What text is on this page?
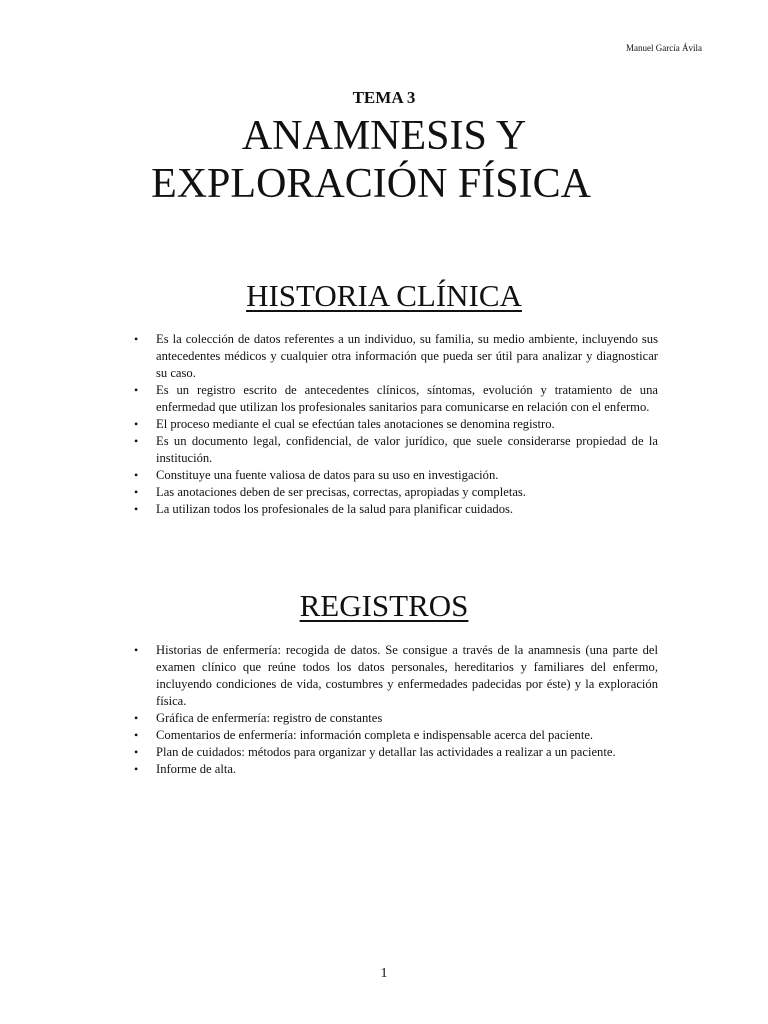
Manuel García Ávila
TEMA 3
ANAMNESIS Y
EXPLORACIÓN FÍSICA
HISTORIA CLÍNICA
• Es la colección de datos referentes a un individuo, su familia, su medio ambiente, incluyendo sus antecedentes médicos y cualquier otra información que pueda ser útil para analizar y diagnosticar su caso.
• Es un registro escrito de antecedentes clínicos, síntomas, evolución y tratamiento de una enfermedad que utilizan los profesionales sanitarios para comunicarse en relación con el enfermo.
• El proceso mediante el cual se efectúan tales anotaciones se denomina registro.
• Es un documento legal, confidencial, de valor jurídico, que suele considerarse propiedad de la institución.
• Constituye una fuente valiosa de datos para su uso en investigación.
• Las anotaciones deben de ser precisas, correctas, apropiadas y completas.
• La utilizan todos los profesionales de la salud para planificar cuidados.
REGISTROS
• Historias de enfermería: recogida de datos. Se consigue a través de la anamnesis (una parte del examen clínico que reúne todos los datos personales, hereditarios y familiares del enfermo, incluyendo condiciones de vida, costumbres y enfermedades padecidas por éste) y la exploración física.
• Gráfica de enfermería: registro de constantes
• Comentarios de enfermería: información completa e indispensable acerca del paciente.
• Plan de cuidados: métodos para organizar y detallar las actividades a realizar a un paciente.
• Informe de alta.
1
